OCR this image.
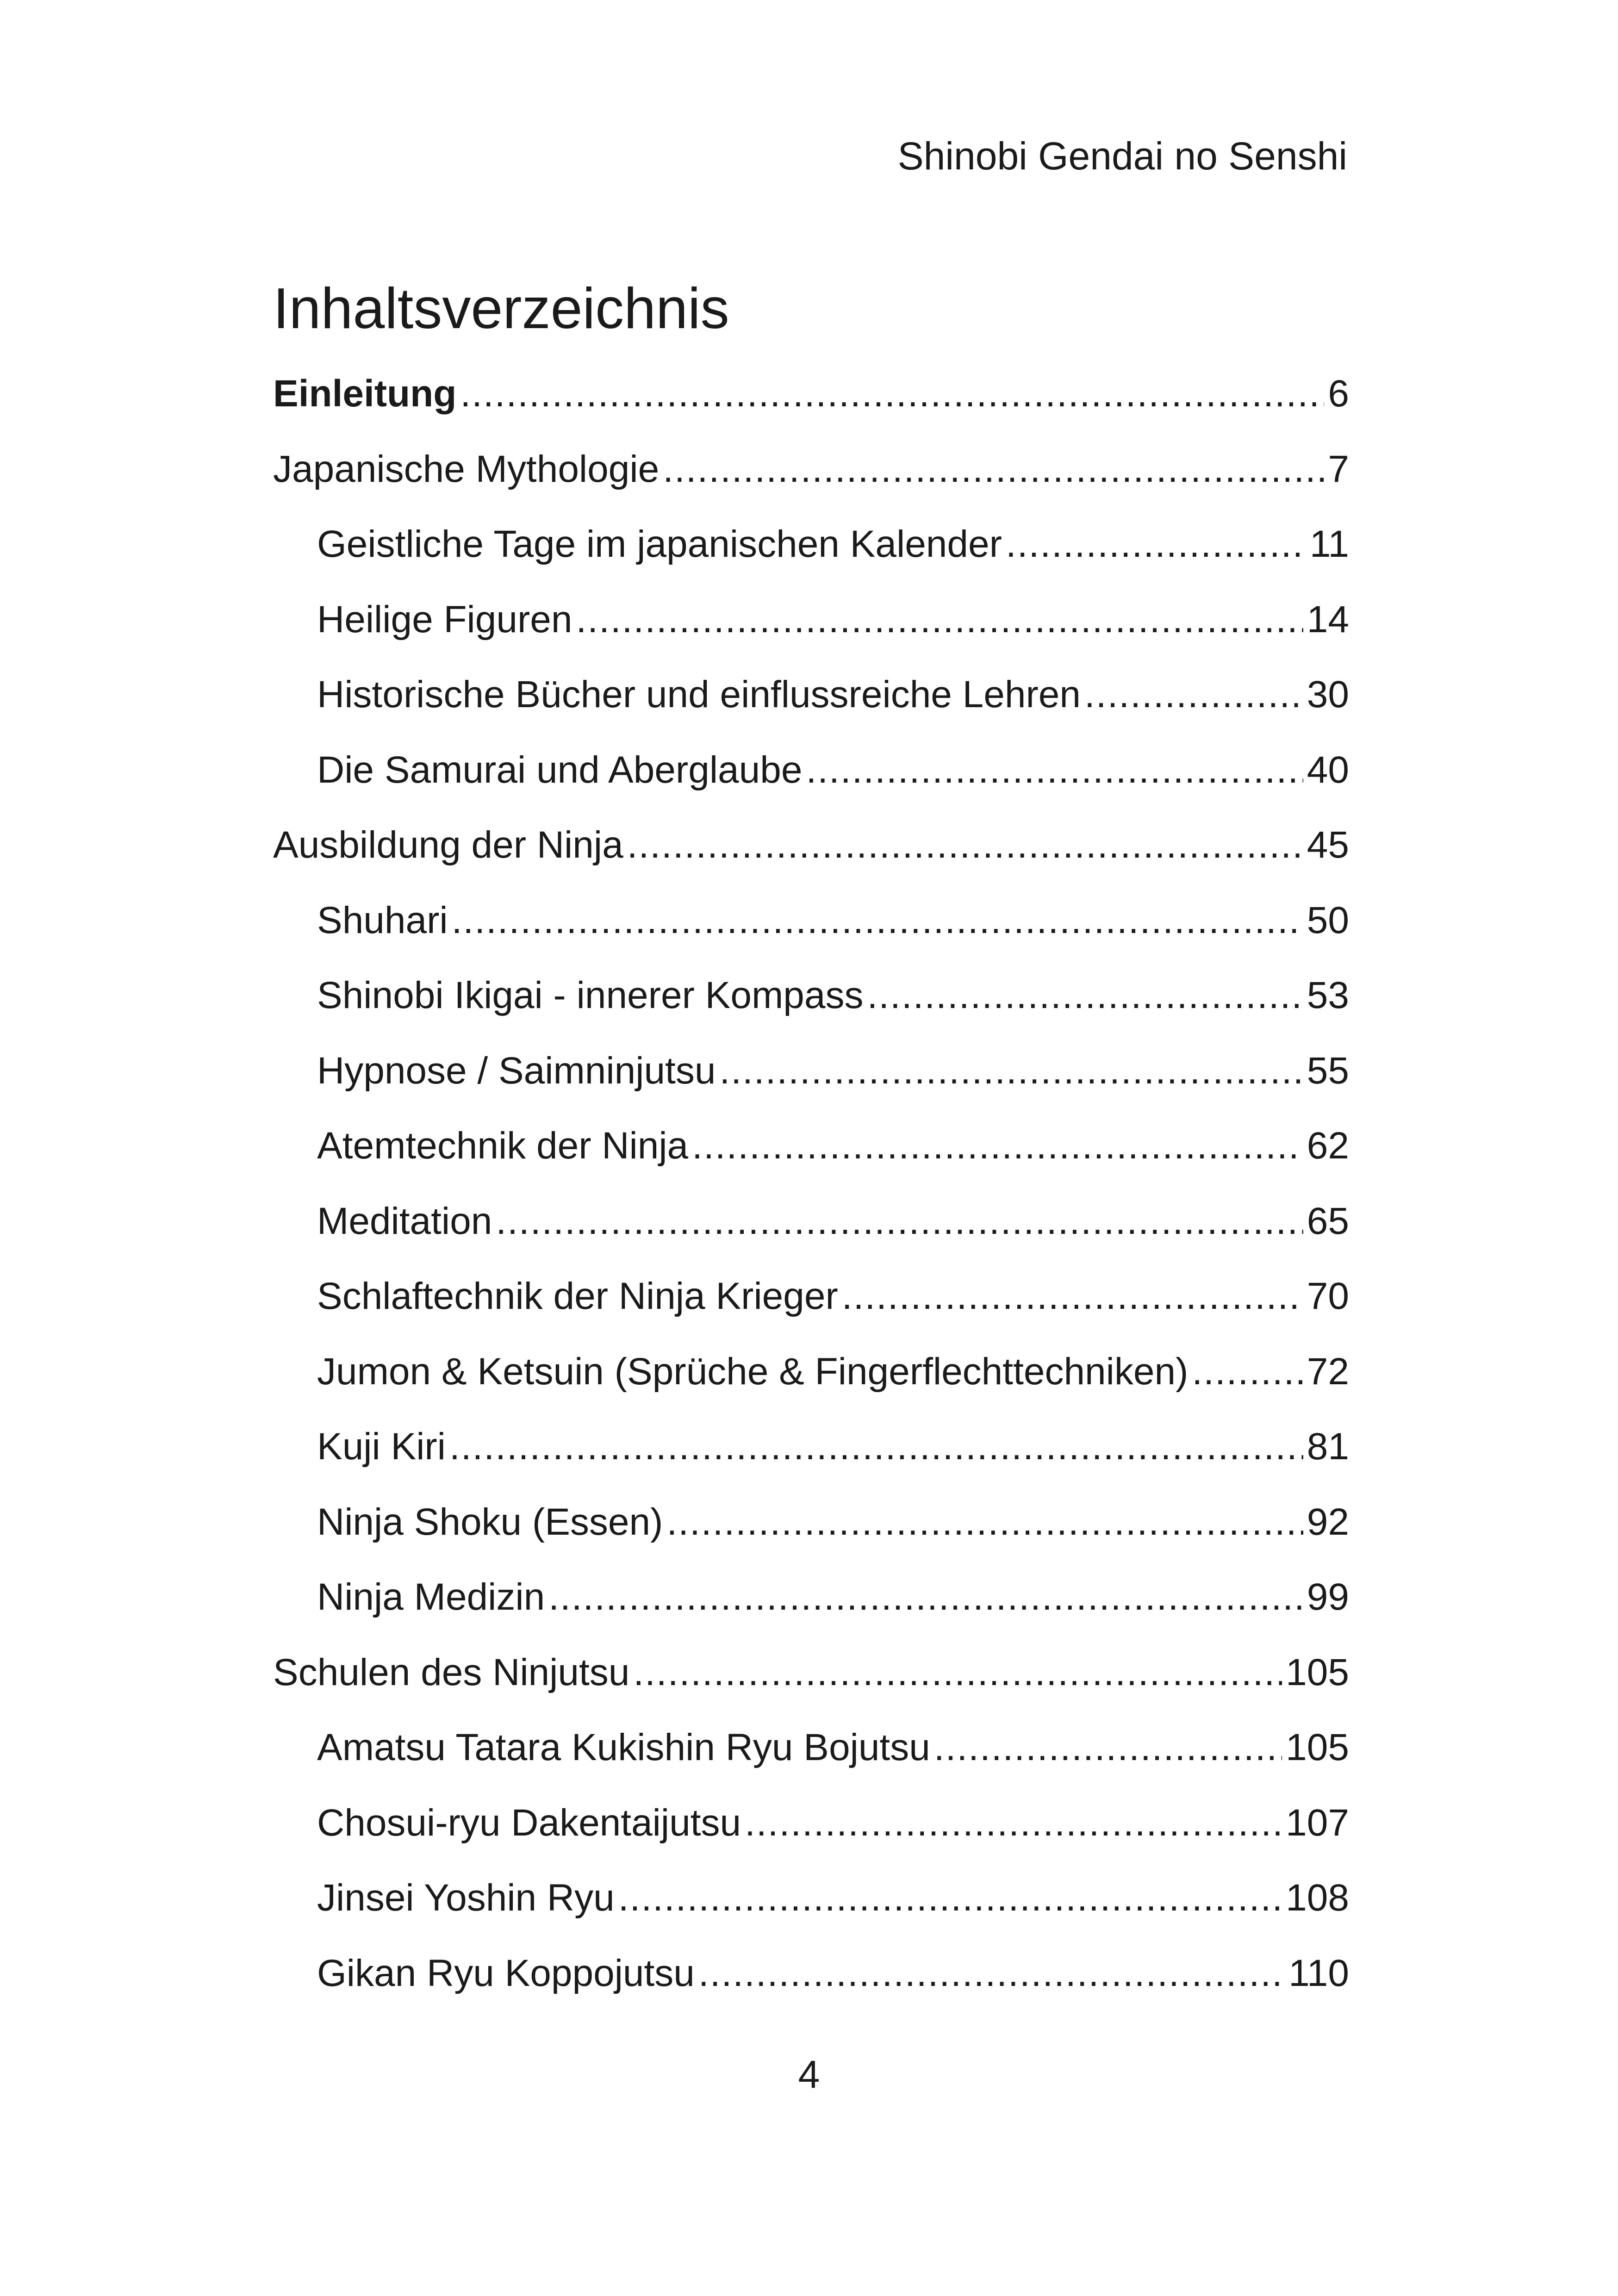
Shinobi Gendai no Senshi
Inhaltsverzeichnis
Einleitung .....	6
Japanische Mythologie .....	7
Geistliche Tage im japanischen Kalender .....	11
Heilige Figuren .....	14
Historische Bücher und einflussreiche Lehren .....	30
Die Samurai und Aberglaube .....	40
Ausbildung der Ninja .....	45
Shuhari .....	50
Shinobi Ikigai - innerer Kompass .....	53
Hypnose / Saimninjutsu .....	55
Atemtechnik der Ninja .....	62
Meditation .....	65
Schlaftechnik der Ninja Krieger .....	70
Jumon & Ketsuin (Sprüche & Fingerflechttechniken) .....	72
Kuji Kiri .....	81
Ninja Shoku (Essen) .....	92
Ninja Medizin .....	99
Schulen des Ninjutsu .....	105
Amatsu Tatara Kukishin Ryu Bojutsu .....	105
Chosui-ryu Dakentaijutsu .....	107
Jinsei Yoshin Ryu .....	108
Gikan Ryu Koppojutsu .....	110
4
